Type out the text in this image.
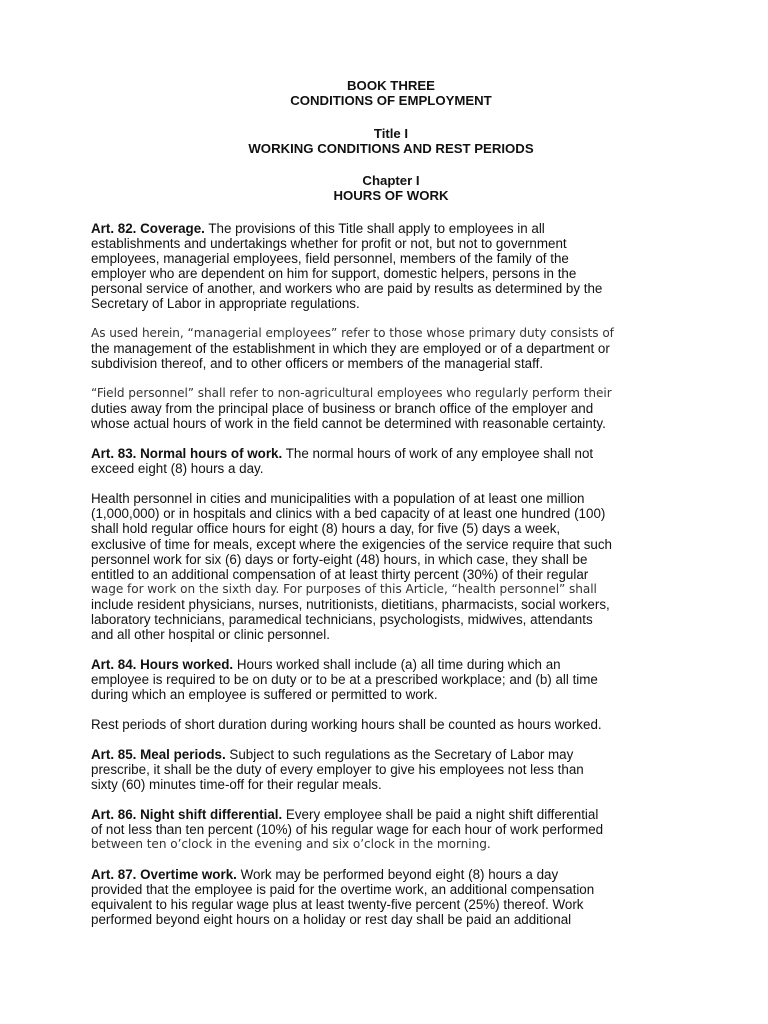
BOOK THREE

CONDITIONS OF EMPLOYMENT

Title I

WORKING CONDITIONS AND REST PERIODS

Chapter I

HOURS OF WORK

Art. 82. Coverage. The provisions of this Title shall apply to employees in all
establishments and undertakings whether for profit or not, but not to government
employees, managerial employees, field personnel, members of the family of the
employer who are dependent on him for support, domestic helpers, persons in the
personal service of another, and workers who are paid by results as determined by the
Secretary of Labor in appropriate regulations.

As used herein, “managerial employees” refer to those whose primary duty consists of
the management of the establishment in which they are employed or of a department or
subdivision thereof, and to other officers or members of the managerial staff.

“Field personnel” shall refer to non-agricultural employees who regularly perform their
duties away from the principal place of business or branch office of the employer and
whose actual hours of work in the field cannot be determined with reasonable certainty.

Art. 83. Normal hours of work. The normal hours of work of any employee shall not
exceed eight (8) hours a day.

Health personnel in cities and municipalities with a population of at least one million
(1,000,000) or in hospitals and clinics with a bed capacity of at least one hundred (100)
shall hold regular office hours for eight (8) hours a day, for five (5) days a week,
exclusive of time for meals, except where the exigencies of the service require that such
personnel work for six (6) days or forty-eight (48) hours, in which case, they shall be
entitled to an additional compensation of at least thirty percent (30%) of their regular
wage for work on the sixth day. For purposes of this Article, “health personnel” shall
include resident physicians, nurses, nutritionists, dietitians, pharmacists, social workers,
laboratory technicians, paramedical technicians, psychologists, midwives, attendants
and all other hospital or clinic personnel.

Art. 84. Hours worked. Hours worked shall include (a) all time during which an
employee is required to be on duty or to be at a prescribed workplace; and (b) all time
during which an employee is suffered or permitted to work.

Rest periods of short duration during working hours shall be counted as hours worked.

Art. 85. Meal periods. Subject to such regulations as the Secretary of Labor may
prescribe, it shall be the duty of every employer to give his employees not less than
sixty (60) minutes time-off for their regular meals.

Art. 86. Night shift differential. Every employee shall be paid a night shift differential
of not less than ten percent (10%) of his regular wage for each hour of work performed
between ten o’clock in the evening and six o’clock in the morning.

Art. 87. Overtime work. Work may be performed beyond eight (8) hours a day
provided that the employee is paid for the overtime work, an additional compensation
equivalent to his regular wage plus at least twenty-five percent (25%) thereof. Work
performed beyond eight hours on a holiday or rest day shall be paid an additional
